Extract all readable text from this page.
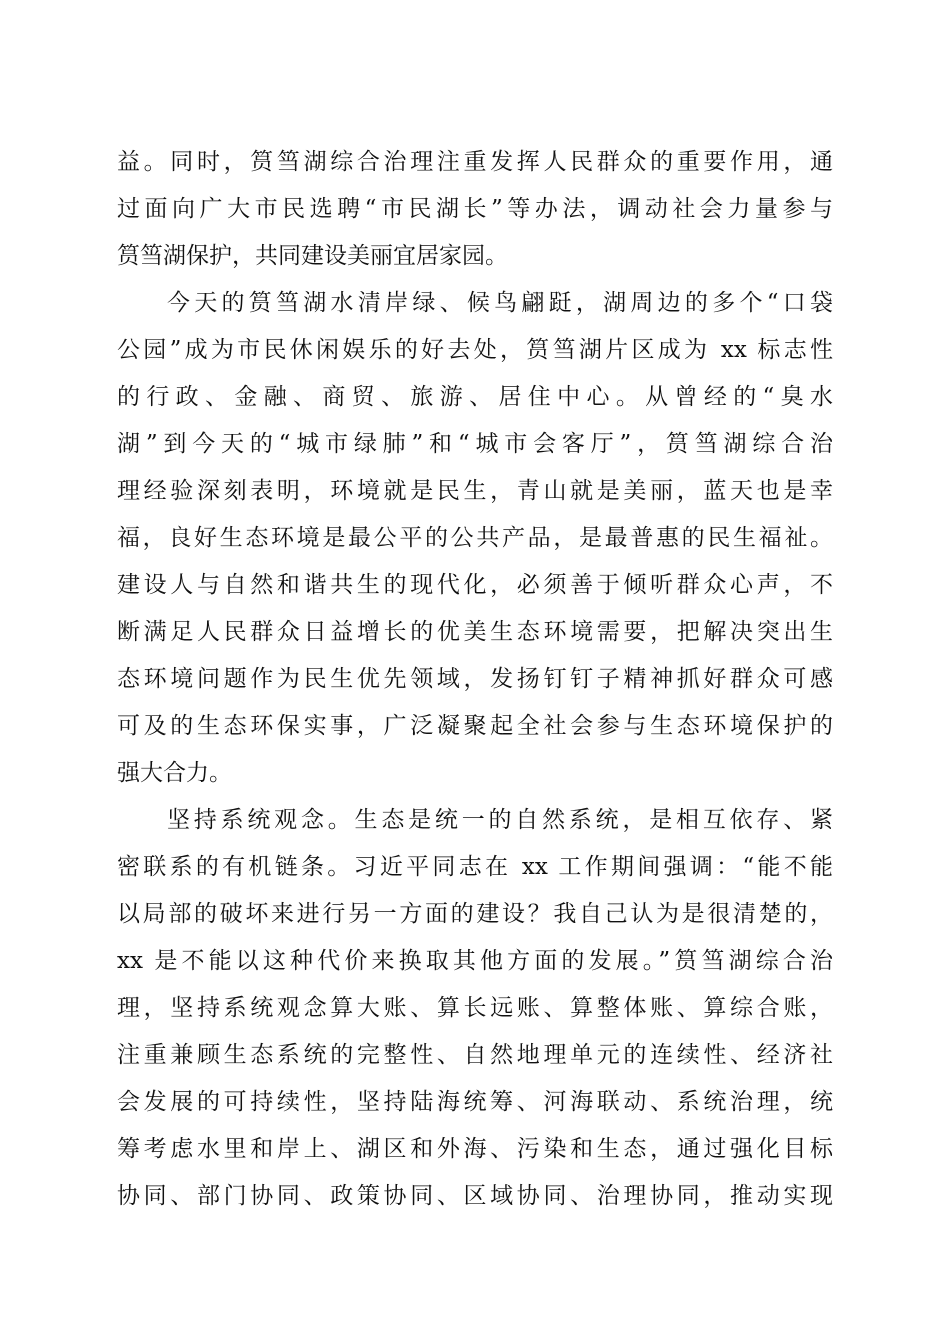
益。同时，筼筜湖综合治理注重发挥人民群众的重要作用，通
过面向广大市民选聘“市民湖长”等办法，调动社会力量参与
筼筜湖保护，共同建设美丽宜居家园。
今天的筼筜湖水清岸绿、候鸟翩跹，湖周边的多个“口袋
公园”成为市民休闲娱乐的好去处，筼筜湖片区成为 xx 标志性
的行政、金融、商贸、旅游、居住中心。从曾经的“臭水
湖”到今天的“城市绿肺”和“城市会客厅”，筼筜湖综合治
理经验深刻表明，环境就是民生，青山就是美丽，蓝天也是幸
福，良好生态环境是最公平的公共产品，是最普惠的民生福祉。
建设人与自然和谐共生的现代化，必须善于倾听群众心声，不
断满足人民群众日益增长的优美生态环境需要，把解决突出生
态环境问题作为民生优先领域，发扬钉钉子精神抓好群众可感
可及的生态环保实事，广泛凝聚起全社会参与生态环境保护的
强大合力。
坚持系统观念。生态是统一的自然系统，是相互依存、紧
密联系的有机链条。习近平同志在 xx 工作期间强调：“能不能
以局部的破坏来进行另一方面的建设？我自己认为是很清楚的，
xx 是不能以这种代价来换取其他方面的发展。”筼筜湖综合治
理，坚持系统观念算大账、算长远账、算整体账、算综合账，
注重兼顾生态系统的完整性、自然地理单元的连续性、经济社
会发展的可持续性，坚持陆海统筹、河海联动、系统治理，统
筹考虑水里和岸上、湖区和外海、污染和生态，通过强化目标
协同、部门协同、政策协同、区域协同、治理协同，推动实现
